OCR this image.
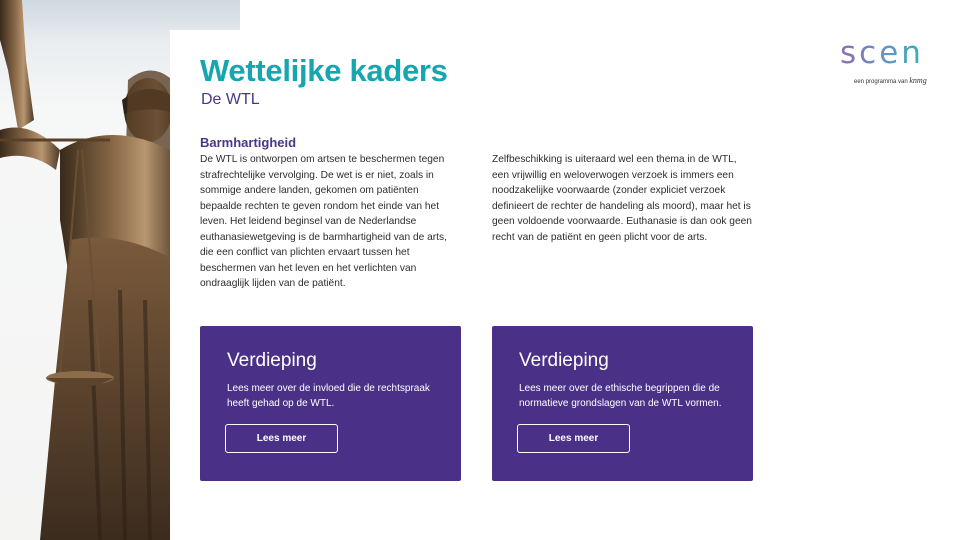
scen
een programma van knmg
Wettelijke kaders
De WTL
Barmhartigheid

De WTL is ontworpen om artsen te beschermen tegen strafrechtelijke vervolging. De wet is er niet, zoals in sommige andere landen, gekomen om patiënten bepaalde rechten te geven rondom het einde van het leven. Het leidend beginsel van de Nederlandse euthanasiewetgeving is de barmhartigheid van de arts, die een conflict van plichten ervaart tussen het beschermen van het leven en het verlichten van ondraaglijk lijden van de patiënt.

Zelfbeschikking is uiteraard wel een thema in de WTL, een vrijwillig en weloverwogen verzoek is immers een noodzakelijke voorwaarde (zonder expliciet verzoek definieert de rechter de handeling als moord), maar het is geen voldoende voorwaarde. Euthanasie is dan ook geen recht van de patiënt en geen plicht voor de arts.

Verdieping
Lees meer over de invloed die de rechtspraak heeft gehad op de WTL.
Lees meer
Verdieping
Lees meer over de ethische begrippen die de normatieve grondslagen van de WTL vormen.
Lees meer
